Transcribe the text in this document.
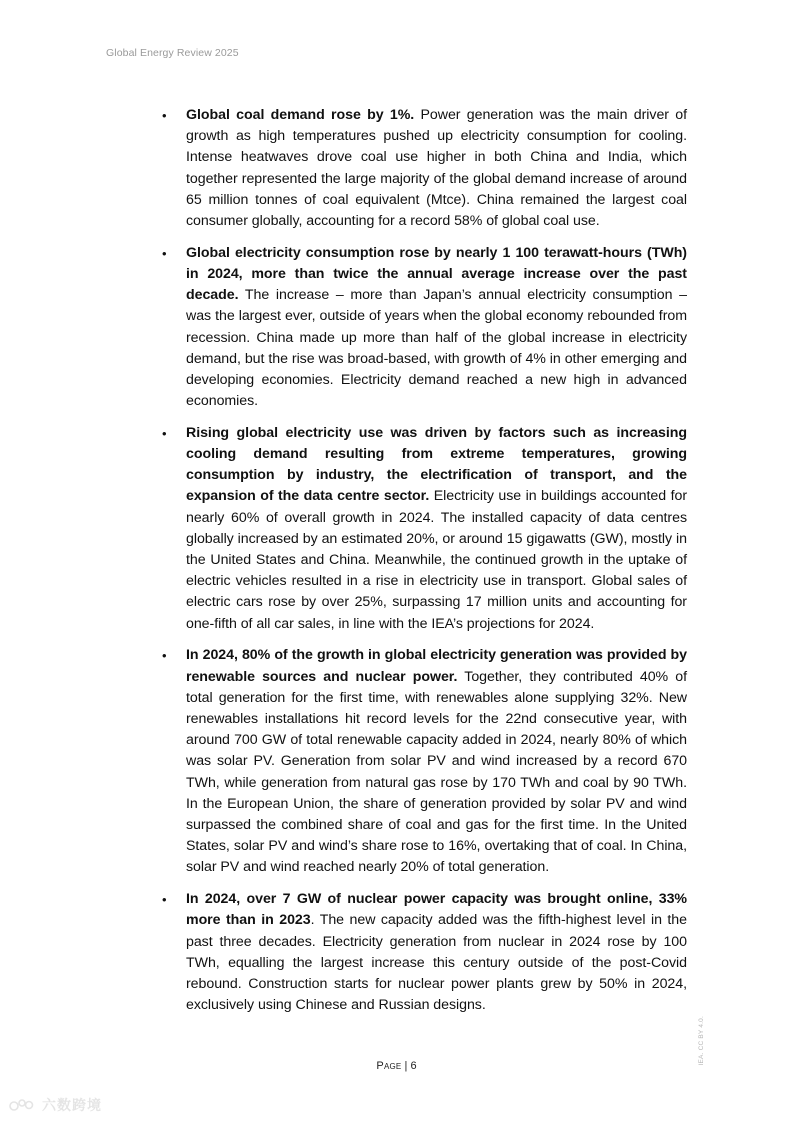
Global Energy Review 2025
•	Global coal demand rose by 1%. Power generation was the main driver of growth as high temperatures pushed up electricity consumption for cooling. Intense heatwaves drove coal use higher in both China and India, which together represented the large majority of the global demand increase of around 65 million tonnes of coal equivalent (Mtce). China remained the largest coal consumer globally, accounting for a record 58% of global coal use.
•	Global electricity consumption rose by nearly 1 100 terawatt-hours (TWh) in 2024, more than twice the annual average increase over the past decade. The increase – more than Japan’s annual electricity consumption – was the largest ever, outside of years when the global economy rebounded from recession. China made up more than half of the global increase in electricity demand, but the rise was broad-based, with growth of 4% in other emerging and developing economies. Electricity demand reached a new high in advanced economies.
•	Rising global electricity use was driven by factors such as increasing cooling demand resulting from extreme temperatures, growing consumption by industry, the electrification of transport, and the expansion of the data centre sector. Electricity use in buildings accounted for nearly 60% of overall growth in 2024. The installed capacity of data centres globally increased by an estimated 20%, or around 15 gigawatts (GW), mostly in the United States and China. Meanwhile, the continued growth in the uptake of electric vehicles resulted in a rise in electricity use in transport. Global sales of electric cars rose by over 25%, surpassing 17 million units and accounting for one-fifth of all car sales, in line with the IEA’s projections for 2024.
•	In 2024, 80% of the growth in global electricity generation was provided by renewable sources and nuclear power. Together, they contributed 40% of total generation for the first time, with renewables alone supplying 32%. New renewables installations hit record levels for the 22nd consecutive year, with around 700 GW of total renewable capacity added in 2024, nearly 80% of which was solar PV. Generation from solar PV and wind increased by a record 670 TWh, while generation from natural gas rose by 170 TWh and coal by 90 TWh. In the European Union, the share of generation provided by solar PV and wind surpassed the combined share of coal and gas for the first time. In the United States, solar PV and wind’s share rose to 16%, overtaking that of coal. In China, solar PV and wind reached nearly 20% of total generation.
•	In 2024, over 7 GW of nuclear power capacity was brought online, 33% more than in 2023. The new capacity added was the fifth-highest level in the past three decades. Electricity generation from nuclear in 2024 rose by 100 TWh, equalling the largest increase this century outside of the post-Covid rebound. Construction starts for nuclear power plants grew by 50% in 2024, exclusively using Chinese and Russian designs.
Page | 6
IEA. CC BY 4.0.
六数跨境
